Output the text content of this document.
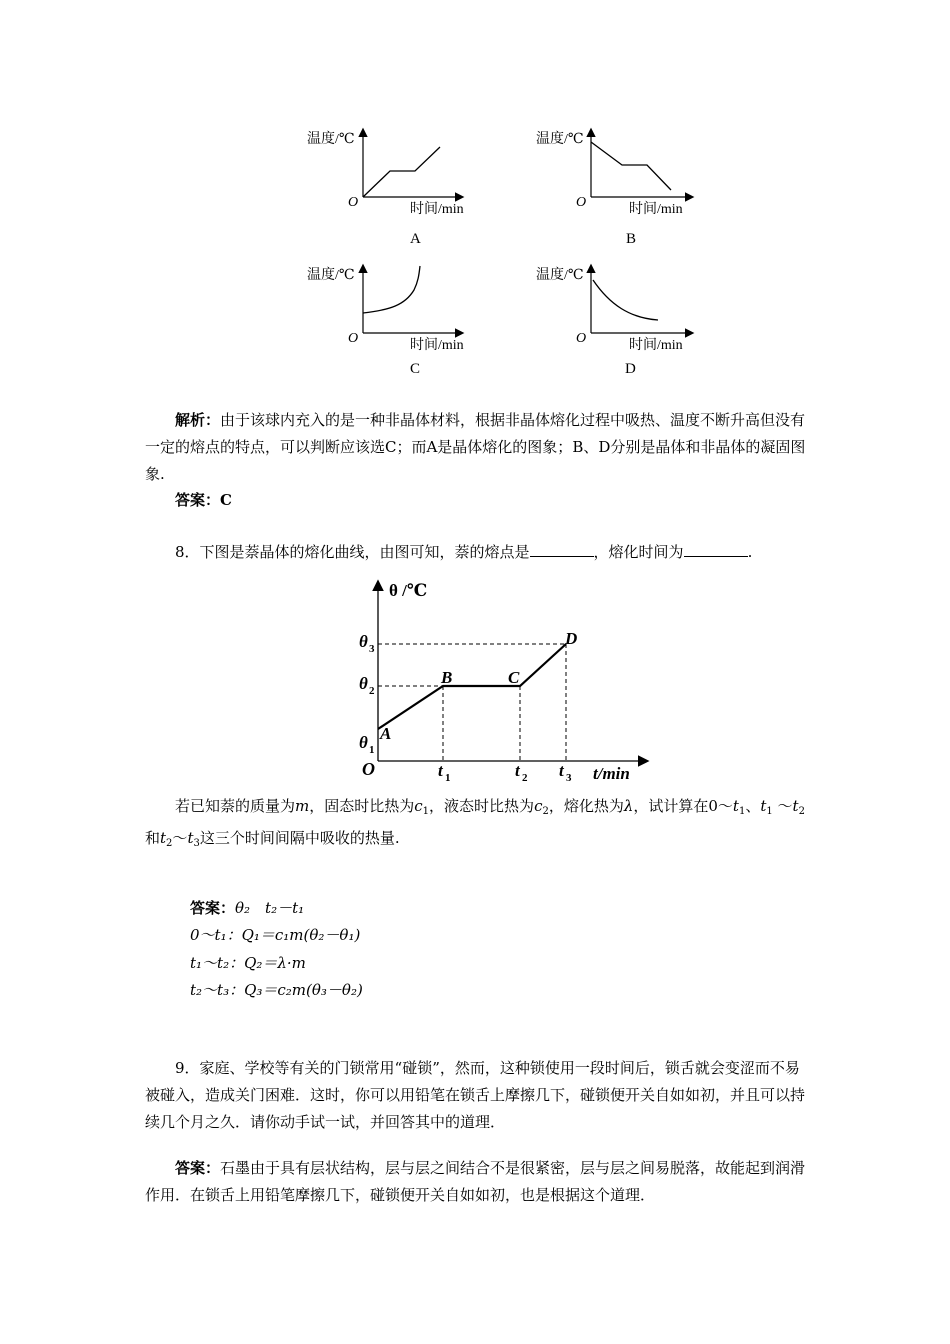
温度/℃
O	时间/min
A
温度/℃
O	时间/min
B
温度/℃
O	时间/min
C
温度/℃
O	时间/min
D
解析：由于该球内充入的是一种非晶体材料，根据非晶体熔化过程中吸热、温度不断升高但没有一定的熔点的特点，可以判断应该选C；而A是晶体熔化的图象；B、D分别是晶体和非晶体的凝固图象.
答案：C
8．下图是萘晶体的熔化曲线，由图可知，萘的熔点是	，熔化时间为	.
θ /℃
t/min
O
A
B	C
D
θ 3
θ 2
θ 1
t 1	t 2 t 3
若已知萘的质量为m，固态时比热为$c_1$，液态时比热为$c_2$，熔化热为λ，试计算在$0\sim t_1$、$t_1$ $\sim t_2$和$t_2\sim t_3$这三个时间间隔中吸收的热量.
答案：θ₂　t₂－t₁
0～t₁：Q₁＝c₁m(θ₂－θ₁)
t₁～t₂：Q₂＝λ·m
t₂～t₃：Q₃＝c₂m(θ₃－θ₂)
9．家庭、学校等有关的门锁常用“碰锁”，然而，这种锁使用一段时间后，锁舌就会变涩而不易被碰入，造成关门困难．这时，你可以用铅笔在锁舌上摩擦几下，碰锁便开关自如如初，并且可以持续几个月之久．请你动手试一试，并回答其中的道理．
答案：石墨由于具有层状结构，层与层之间结合不是很紧密，层与层之间易脱落，故能起到润滑作用．在锁舌上用铅笔摩擦几下，碰锁便开关自如如初，也是根据这个道理．
